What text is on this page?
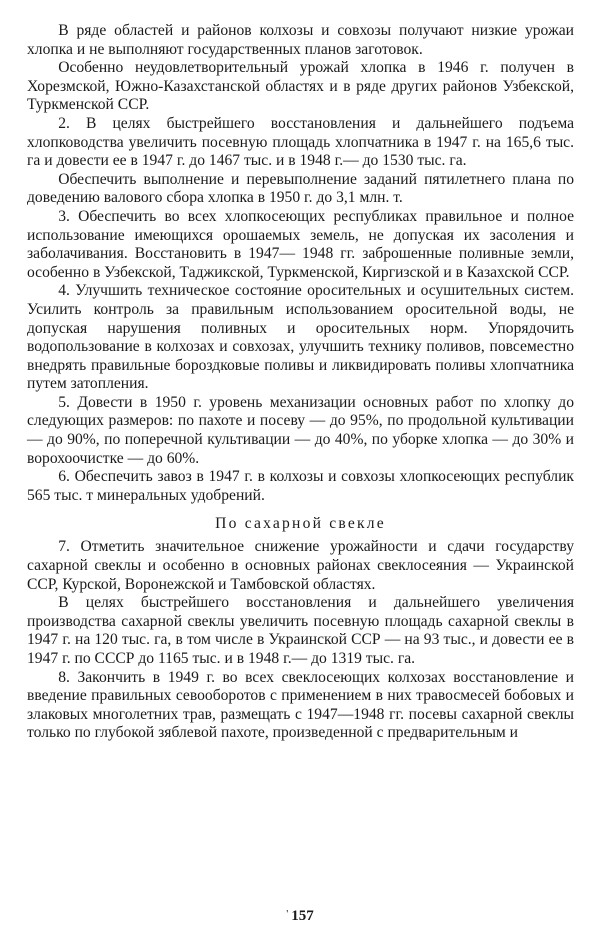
В ряде областей и районов колхозы и совхозы получают низкие урожаи хлопка и не выполняют государственных планов заготовок.

Особенно неудовлетворительный урожай хлопка в 1946 г. получен в Хорезмской, Южно-Казахстанской областях и в ряде других районов Узбекской, Туркменской ССР.

2. В целях быстрейшего восстановления и дальнейшего подъема хлопководства увеличить посевную площадь хлопчатника в 1947 г. на 165,6 тыс. га и довести ее в 1947 г. до 1467 тыс. и в 1948 г.— до 1530 тыс. га.

Обеспечить выполнение и перевыполнение заданий пятилетнего плана по доведению валового сбора хлопка в 1950 г. до 3,1 млн. т.

3. Обеспечить во всех хлопкосеющих республиках правильное и полное использование имеющихся орошаемых земель, не допуская их засоления и заболачивания. Восстановить в 1947— 1948 гг. заброшенные поливные земли, особенно в Узбекской, Таджикской, Туркменской, Киргизской и в Казахской ССР.

4. Улучшить техническое состояние оросительных и осушительных систем. Усилить контроль за правильным использованием оросительной воды, не допуская нарушения поливных и оросительных норм. Упорядочить водопользование в колхозах и совхозах, улучшить технику поливов, повсеместно внедрять правильные бороздковые поливы и ликвидировать поливы хлопчатника путем затопления.

5. Довести в 1950 г. уровень механизации основных работ по хлопку до следующих размеров: по пахоте и посеву — до 95%, по продольной культивации — до 90%, по поперечной культивации — до 40%, по уборке хлопка — до 30% и ворохоочистке — до 60%.

6. Обеспечить завоз в 1947 г. в колхозы и совхозы хлопкосеющих республик 565 тыс. т минеральных удобрений.

По сахарной свекле

7. Отметить значительное снижение урожайности и сдачи государству сахарной свеклы и особенно в основных районах свеклосеяния — Украинской ССР, Курской, Воронежской и Тамбовской областях.

В целях быстрейшего восстановления и дальнейшего увеличения производства сахарной свеклы увеличить посевную площадь сахарной свеклы в 1947 г. на 120 тыс. га, в том числе в Украинской ССР — на 93 тыс., и довести ее в 1947 г. по СССР до 1165 тыс. и в 1948 г.— до 1319 тыс. га.

8. Закончить в 1949 г. во всех свеклосеющих колхозах восстановление и введение правильных севооборотов с применением в них травосмесей бобовых и злаковых многолетних трав, размещать с 1947—1948 гг. посевы сахарной свеклы только по глубокой зяблевой пахоте, произведенной с предварительным и

' 157
